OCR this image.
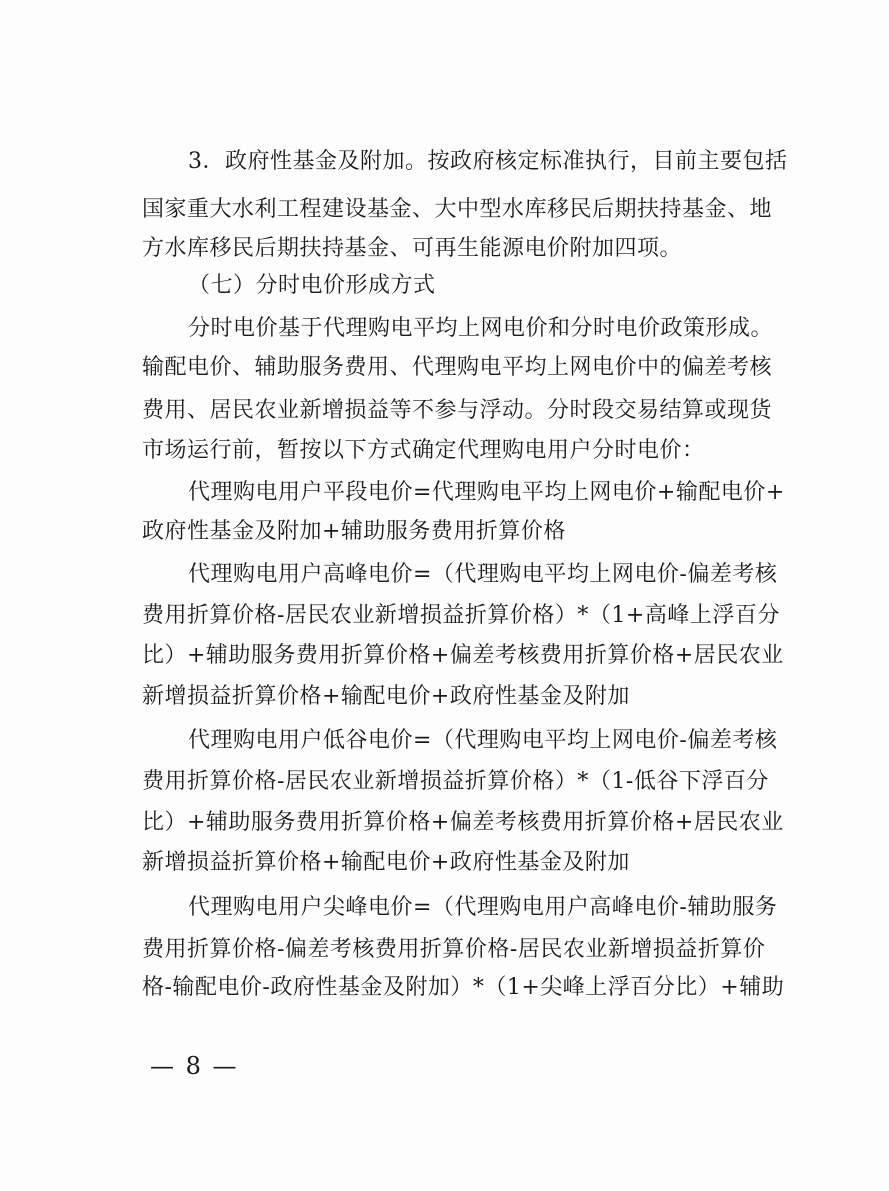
3．政府性基金及附加。按政府核定标准执行，目前主要包括
国家重大水利工程建设基金、大中型水库移民后期扶持基金、地
方水库移民后期扶持基金、可再生能源电价附加四项。
（七）分时电价形成方式
分时电价基于代理购电平均上网电价和分时电价政策形成。
输配电价、辅助服务费用、代理购电平均上网电价中的偏差考核
费用、居民农业新增损益等不参与浮动。分时段交易结算或现货
市场运行前，暂按以下方式确定代理购电用户分时电价：
代理购电用户平段电价=代理购电平均上网电价+输配电价+
政府性基金及附加+辅助服务费用折算价格
代理购电用户高峰电价=（代理购电平均上网电价-偏差考核
费用折算价格-居民农业新增损益折算价格）*（1+高峰上浮百分
比）+辅助服务费用折算价格+偏差考核费用折算价格+居民农业
新增损益折算价格+输配电价+政府性基金及附加
代理购电用户低谷电价=（代理购电平均上网电价-偏差考核
费用折算价格-居民农业新增损益折算价格）*（1-低谷下浮百分
比）+辅助服务费用折算价格+偏差考核费用折算价格+居民农业
新增损益折算价格+输配电价+政府性基金及附加
代理购电用户尖峰电价=（代理购电用户高峰电价-辅助服务
费用折算价格-偏差考核费用折算价格-居民农业新增损益折算价
格-输配电价-政府性基金及附加）*（1+尖峰上浮百分比）+辅助
— 8 —
